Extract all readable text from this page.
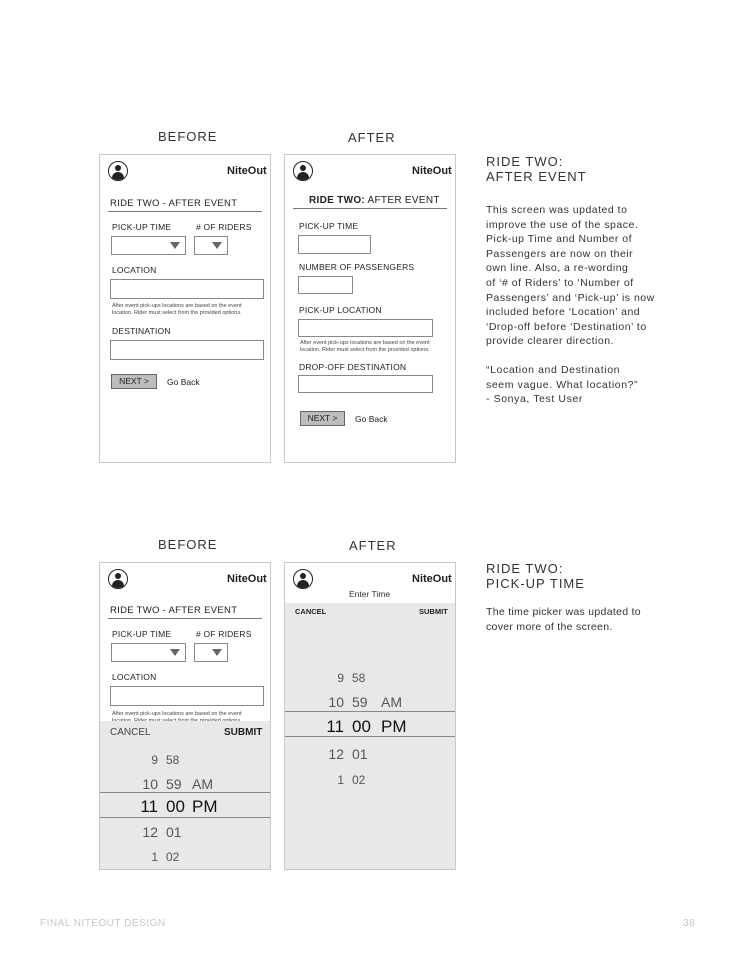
BEFORE	AFTER
NiteOut
RIDE TWO - AFTER EVENT
PICK-UP TIME	# OF RIDERS
LOCATION
After event pick-ups locations are based on the event
location. Rider must select from the provided options.
DESTINATION
NEXT >	Go Back
NiteOut
RIDE TWO: AFTER EVENT
PICK-UP TIME
NUMBER OF PASSENGERS
PICK-UP LOCATION
After event pick-ups locations are based on the event
location. Rider must select from the provided options.
DROP-OFF DESTINATION
NEXT >	Go Back
RIDE TWO:
AFTER EVENT
This screen was updated to
improve the use of the space.
Pick-up Time and Number of
Passengers are now on their
own line. Also, a re-wording
of ‘# of Riders’ to ‘Number of
Passengers’ and ‘Pick-up’ is now
included before ‘Location’ and
‘Drop-off before ‘Destination’ to
provide clearer direction.
“Location and Destination
seem vague. What location?”
- Sonya, Test User
BEFORE	AFTER
NiteOut
RIDE TWO - AFTER EVENT
PICK-UP TIME	# OF RIDERS
LOCATION
After event pick-ups locations are based on the event
CANCEL	SUBMIT
9 58
10 59 AM
11 00 PM
12 01
1 02
NiteOut
Enter Time
CANCEL	SUBMIT
9 58
10 59 AM
11 00 PM
12 01
1 02
RIDE TWO:
PICK-UP TIME
The time picker was updated to
cover more of the screen.
FINAL NITEOUT DESIGN	38
